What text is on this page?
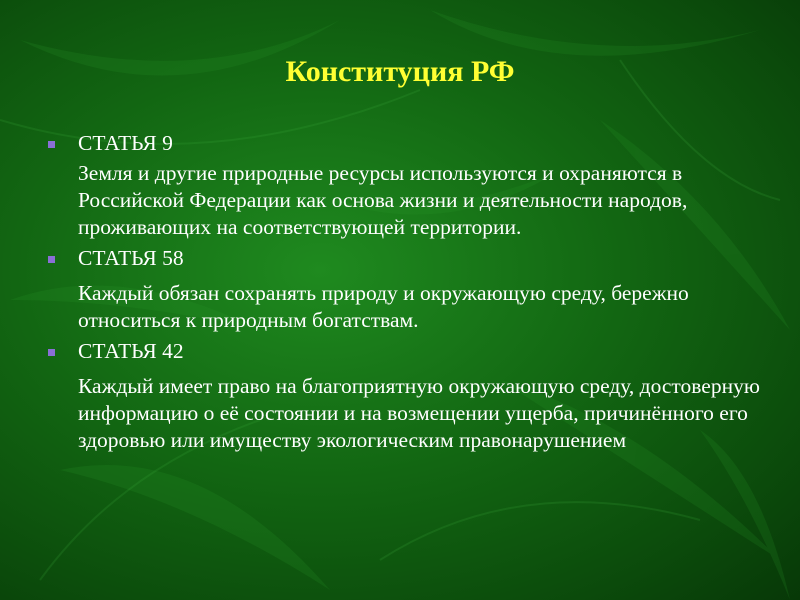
Конституция РФ
СТАТЬЯ 9

Земля и другие природные ресурсы используются и охраняются в Российской Федерации как основа жизни и деятельности народов, проживающих на соответствующей территории.

СТАТЬЯ 58

Каждый обязан сохранять природу и окружающую среду, бережно относиться к природным богатствам.

СТАТЬЯ 42

Каждый имеет право на благоприятную окружающую среду, достоверную информацию о её состоянии и на возмещении ущерба, причинённого его здоровью или имуществу экологическим правонарушением
